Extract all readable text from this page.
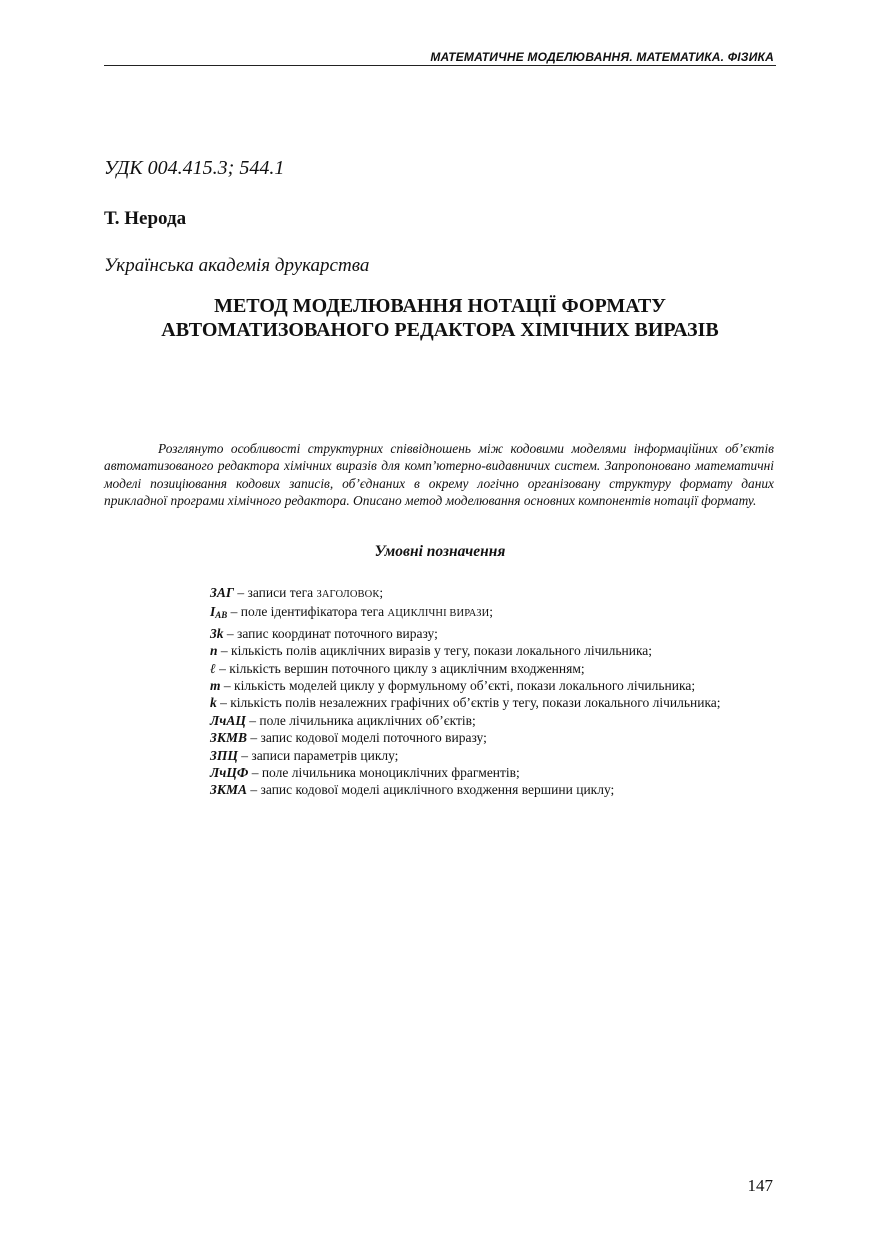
МАТЕМАТИЧНЕ МОДЕЛЮВАННЯ. МАТЕМАТИКА. ФІЗИКА
УДК 004.415.3; 544.1
Т. Нерода
Українська академія друкарства
МЕТОД МОДЕЛЮВАННЯ НОТАЦІЇ ФОРМАТУ
АВТОМАТИЗОВАНОГО РЕДАКТОРА ХІМІЧНИХ ВИРАЗІВ
Розглянуто особливості структурних співвідношень між кодовими моделями інформаційних об’єктів автоматизованого редактора хімічних виразів для комп’ютерно-видавничих систем. Запропоновано математичні моделі позиціювання кодових записів, об’єднаних в окрему логічно організовану структуру формату даних прикладної програми хімічного редактора. Описано метод моделювання основних компонентів нотації формату.
Умовні позначення
ЗАГ – записи тега ЗАГОЛОВОК;
$I_{AB}$ – поле ідентифікатора тега АЦИКЛІЧНІ ВИРАЗИ;
3k – запис координат поточного виразу;
n – кількість полів ациклічних виразів у тегу, покази локального лічильника;
ℓ – кількість вершин поточного циклу з ациклічним входженням;
m – кількість моделей циклу у формульному об’єкті, покази локального лічильника;
k – кількість полів незалежних графічних об’єктів у тегу, покази локального лічильника;
ЛчАЦ – поле лічильника ациклічних об’єктів;
ЗКМВ – запис кодової моделі поточного виразу;
ЗПЦ – записи параметрів циклу;
ЛчЦФ – поле лічильника моноциклічних фрагментів;
ЗКМА – запис кодової моделі ациклічного входження вершини циклу;
147
